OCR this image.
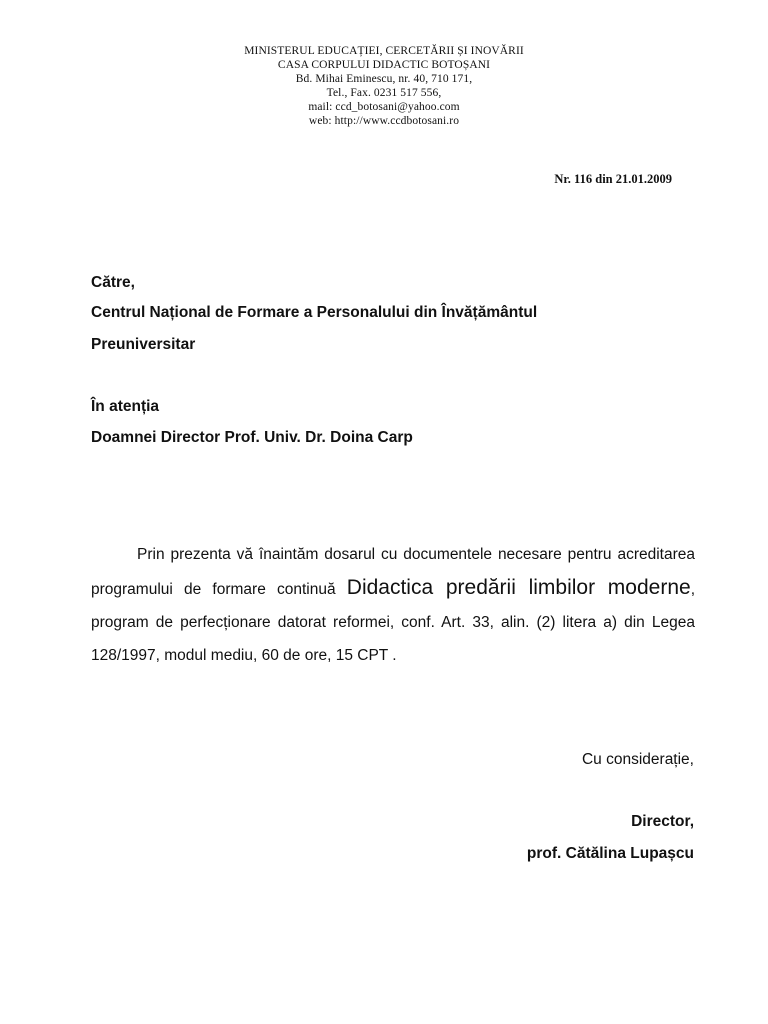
MINISTERUL EDUCAȚIEI, CERCETĂRII ȘI INOVĂRII
CASA CORPULUI DIDACTIC BOTOȘANI
Bd. Mihai Eminescu, nr. 40, 710 171,
Tel., Fax. 0231 517 556,
mail: ccd_botosani@yahoo.com
web: http://www.ccdbotosani.ro
Nr. 116 din 21.01.2009
Către,
Centrul Național de Formare a Personalului din Învățământul
Preuniversitar
În atenția
Doamnei Director Prof. Univ. Dr. Doina Carp
Prin prezenta vă înaintăm dosarul cu documentele necesare pentru acreditarea programului de formare continuă Didactica predării limbilor moderne, program de perfecționare datorat reformei, conf. Art. 33, alin. (2) litera a) din Legea 128/1997, modul mediu, 60 de ore, 15 CPT .
Cu considerație,
Director,
prof. Cătălina Lupașcu
